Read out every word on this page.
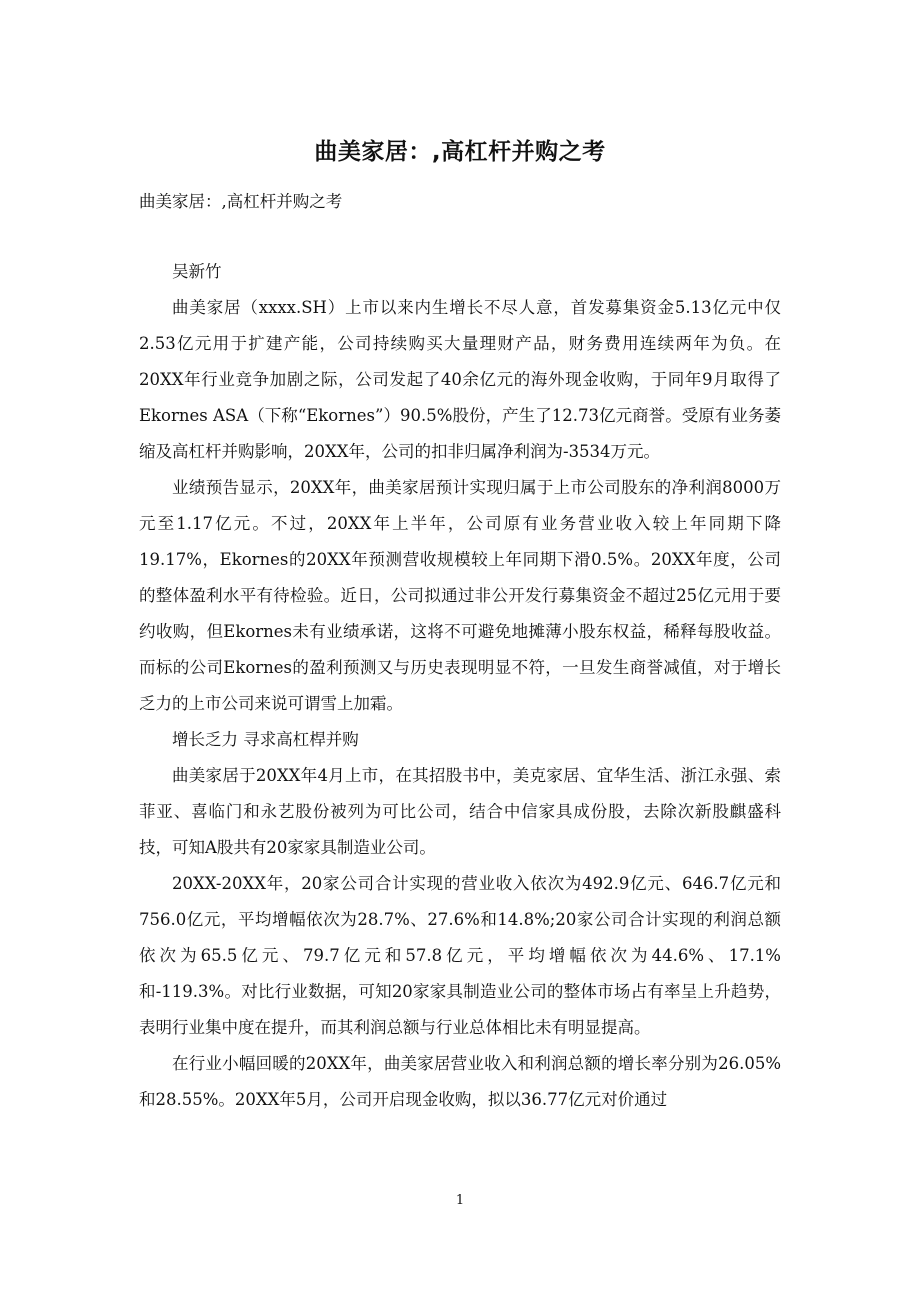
曲美家居：,高杠杆并购之考

曲美家居：,高杠杆并购之考

吴新竹

曲美家居（xxxx.SH）上市以来内生增长不尽人意，首发募集资金5.13亿元中仅2.53亿元用于扩建产能，公司持续购买大量理财产品，财务费用连续两年为负。在20XX年行业竞争加剧之际，公司发起了40余亿元的海外现金收购，于同年9月取得了Ekornes ASA（下称“Ekornes”）90.5%股份，产生了12.73亿元商誉。受原有业务萎缩及高杠杆并购影响，20XX年，公司的扣非归属净利润为-3534万元。

业绩预告显示，20XX年，曲美家居预计实现归属于上市公司股东的净利润8000万元至1.17亿元。不过，20XX年上半年，公司原有业务营业收入较上年同期下降19.17%，Ekornes的20XX年预测营收规模较上年同期下滑0.5%。20XX年度，公司的整体盈利水平有待检验。近日，公司拟通过非公开发行募集资金不超过25亿元用于要约收购，但Ekornes未有业绩承诺，这将不可避免地摊薄小股东权益，稀释每股收益。而标的公司Ekornes的盈利预测又与历史表现明显不符，一旦发生商誉减值，对于增长乏力的上市公司来说可谓雪上加霜。

增长乏力 寻求高杠桿并购

曲美家居于20XX年4月上市，在其招股书中，美克家居、宜华生活、浙江永强、索菲亚、喜临门和永艺股份被列为可比公司，结合中信家具成份股，去除次新股麒盛科技，可知A股共有20家家具制造业公司。

20XX-20XX年，20家公司合计实现的营业收入依次为492.9亿元、646.7亿元和756.0亿元，平均增幅依次为28.7%、27.6%和14.8%;20家公司合计实现的利润总额依次为65.5亿元、79.7亿元和57.8亿元，平均增幅依次为44.6%、17.1%和-119.3%。对比行业数据，可知20家家具制造业公司的整体市场占有率呈上升趋势，表明行业集中度在提升，而其利润总额与行业总体相比未有明显提高。

在行业小幅回暖的20XX年，曲美家居营业收入和利润总额的增长率分别为26.05%和28.55%。20XX年5月，公司开启现金收购，拟以36.77亿元对价通过

1
